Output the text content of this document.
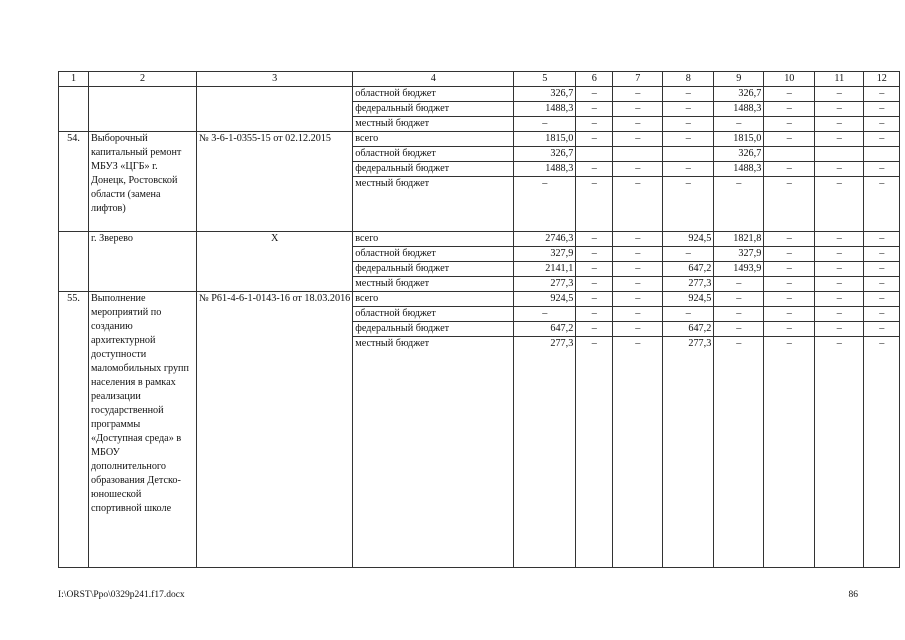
1	2	3	4	5	6	7	8	9	10	11	12
			областной бюджет	326,7	–	–	–	326,7	–	–	–
			федеральный бюджет	1488,3	–	–	–	1488,3	–	–	–
			местный бюджет	–	–	–	–	–	–	–	–
54.	Выборочный капитальный ремонт МБУЗ «ЦГБ» г. Донецк, Ростовской области (замена лифтов)	№ 3-6-1-0355-15 от 02.12.2015	всего	1815,0	–	–	–	1815,0	–	–	–
			областной бюджет	326,7				326,7			
			федеральный бюджет	1488,3	–	–	–	1488,3	–	–	–
			местный бюджет	–	–	–	–	–	–	–	–
	г. Зверево	Х	всего	2746,3	–	–	924,5	1821,8	–	–	–
			областной бюджет	327,9	–	–	–	327,9	–	–	–
			федеральный бюджет	2141,1	–	–	647,2	1493,9	–	–	–
			местный бюджет	277,3	–	–	277,3	–	–	–	–
55.	Выполнение мероприятий по созданию архитектурной доступности маломобильных групп населения в рамках реализации государственной программы «Доступная среда» в МБОУ дополнительного образования Детско-юношеской спортивной школе	№ Р61-4-6-1-0143-16 от 18.03.2016	всего	924,5	–	–	924,5	–	–	–	–
			областной бюджет	–	–	–	–	–	–	–	–
			федеральный бюджет	647,2	–	–	647,2	–	–	–	–
			местный бюджет	277,3	–	–	277,3	–	–	–	–
I:\ORST\Ppo\0329p241.f17.docx	86
